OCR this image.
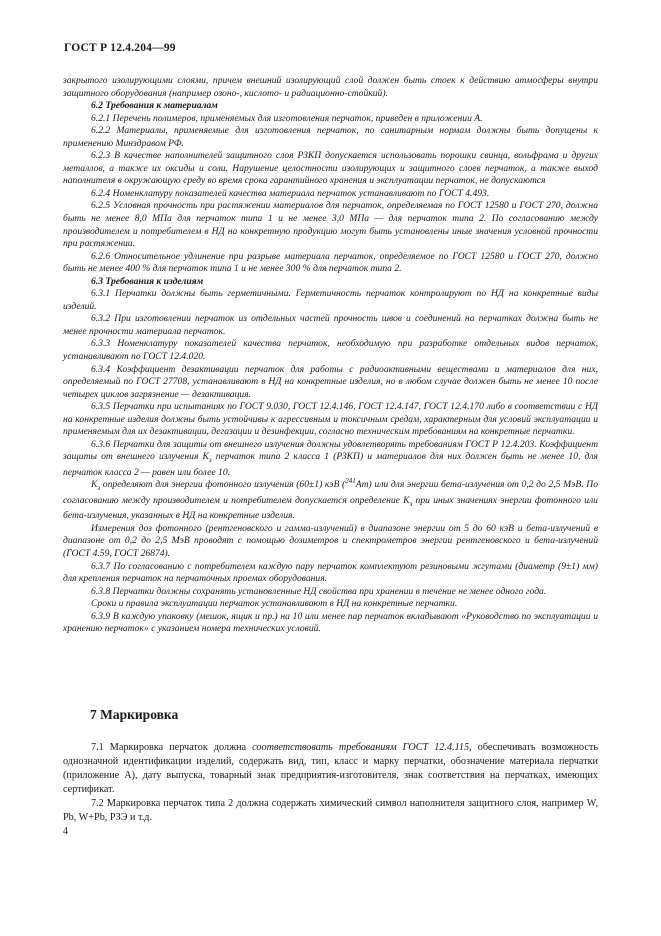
ГОСТ Р 12.4.204—99

закрытого изолирующими слоями, причем внешний изолирующий слой должен быть стоек к действию атмосферы внутри защитного оборудования (например озоно-, кислото- и радиационно-стойкий).

6.2 Требования к материалам

6.2.1 Перечень полимеров, применяемых для изготовления перчаток, приведен в приложении А.

6.2.2 Материалы, применяемые для изготовления перчаток, по санитарным нормам должны быть допущены к применению Минздравом РФ.

6.2.3 В качестве наполнителей защитного слоя РЗКП допускается использовать порошки свинца, вольфрама и других металлов, а также их оксиды и соли. Нарушение целостности изолирующих и защитного слоев перчаток, а также выход наполнителя в окружающую среду во время срока гарантийного хранения и эксплуатации перчаток, не допускаются

6.2.4 Номенклатуру показателей качества материала перчаток устанавливают по ГОСТ 4.493.

6.2.5 Условная прочность при растяжении материалов для перчаток, определяемая по ГОСТ 12580 и ГОСТ 270, должна быть не менее 8,0 МПа для перчаток типа 1 и не менее 3,0 МПа — для перчаток типа 2. По согласованию между производителем и потребителем в НД на конкретную продукцию могут быть установлены иные значения условной прочности при растяжении.

6.2.6 Относительное удлинение при разрыве материала перчаток, определяемое по ГОСТ 12580 и ГОСТ 270, должно быть не менее 400 % для перчаток типа 1 и не менее 300 % для перчаток типа 2.

6.3 Требования к изделиям

6.3.1 Перчатки должны быть герметичными. Герметичность перчаток контролируют по НД на конкретные виды изделий.

6.3.2 При изготовлении перчаток из отдельных частей прочность швов и соединений на перчатках должна быть не менее прочности материала перчаток.

6.3.3 Номенклатуру показателей качества перчаток, необходимую при разработке отдельных видов перчаток, устанавливают по ГОСТ 12.4.020.

6.3.4 Коэффициент дезактивации перчаток для работы с радиоактивными веществами и материалов для них, определяемый по ГОСТ 27708, устанавливают в НД на конкретные изделия, но в любом случае должен быть не менее 10 после четырех циклов загрязнение — дезактивация.

6.3.5 Перчатки при испытаниях по ГОСТ 9.030, ГОСТ 12.4.146, ГОСТ 12.4.147, ГОСТ 12.4.170 либо в соответствии с НД на конкретные изделия должны быть устойчивы к агрессивным и токсичным средам, характерным для условий эксплуатации и применяемым для их дезактивации, дегазации и дезинфекции, согласно техническим требованиям на конкретные перчатки.

6.3.6 Перчатки для защиты от внешнего излучения должны удовлетворять требованиям ГОСТ Р 12.4.203. Коэффициент защиты от внешнего излучения $K_з$ перчаток типа 2 класса 1 (РЗКП) и материалов для них должен быть не менее 10, для перчаток класса 2 — равен или более 10.

$K_з$ определяют для энергии фотонного излучения (60±1) кэВ ($^{241}$Am) или для энергии бета-излучения от 0,2 до 2,5 МэВ. По согласованию между производителем и потребителем допускается определение $K_з$ при иных значениях энергии фотонного или бета-излучения, указанных в НД на конкретные изделия.

Измерения доз фотонного (рентгеновского и гамма-излучений) в диапазоне энергии от 5 до 60 кэВ и бета-излучений в диапазоне от 0,2 до 2,5 МэВ проводят с помощью дозиметров и спектрометров энергии рентгеновского и бета-излучений (ГОСТ 4.59, ГОСТ 26874).

6.3.7 По согласованию с потребителем каждую пару перчаток комплектуют резиновыми жгутами (диаметр (9±1) мм) для крепления перчаток на перчаточных проемах оборудования.

6.3.8 Перчатки должны сохранять установленные НД свойства при хранении в течение не менее одного года.

Сроки и правила эксплуатации перчаток устанавливают в НД на конкретные перчатки.

6.3.9 В каждую упаковку (мешок, ящик и пр.) на 10 или менее пар перчаток вкладывают «Руководство по эксплуатации и хранению перчаток» с указанием номера технических условий.

7 Маркировка

7.1 Маркировка перчаток должна соответствовать требованиям ГОСТ 12.4.115, обеспечивать возможность однозначной идентификации изделий, содержать вид, тип, класс и марку перчатки, обозначение материала перчатки (приложение А), дату выпуска, товарный знак предприятия-изготовителя, знак соответствия на перчатках, имеющих сертификат.

7.2 Маркировка перчаток типа 2 должна содержать химический символ наполнителя защитного слоя, например W, Pb, W+Pb, РЗЭ и т.д.

4
